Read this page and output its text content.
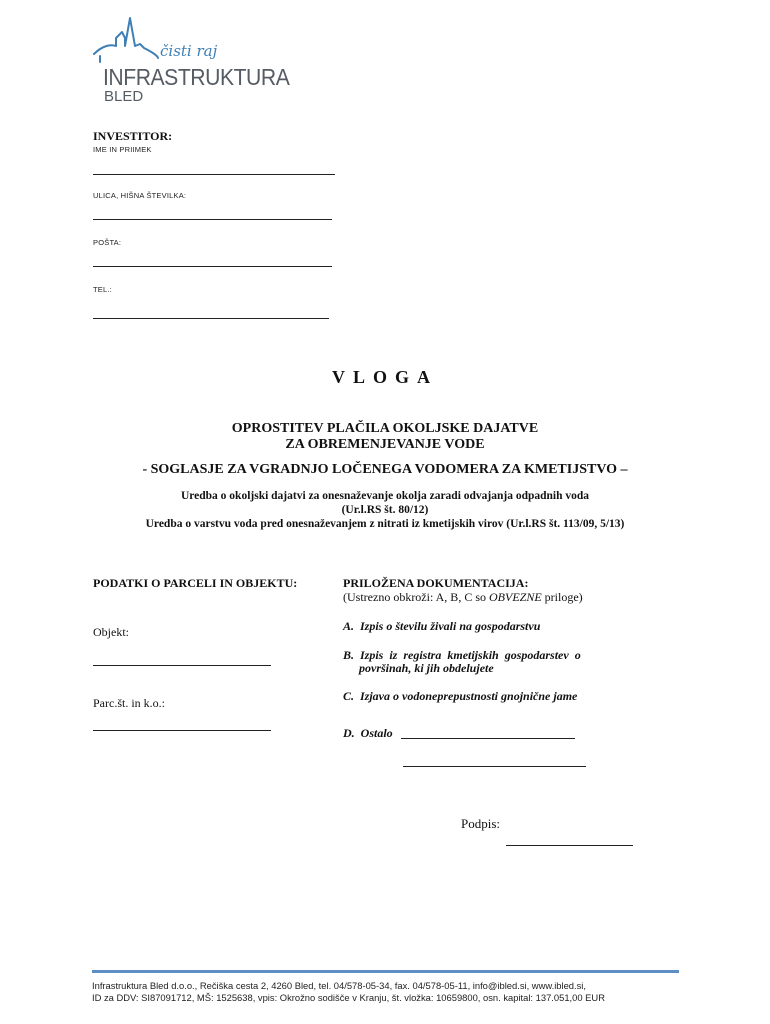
čisti raj
INFRASTRUKTURA
BLED
INVESTITOR:
IME IN PRIIMEK
ULICA, HIŠNA ŠTEVILKA:
POŠTA:
TEL.:
VLOGA
OPROSTITEV PLAČILA OKOLJSKE DAJATVE
ZA OBREMENJEVANJE VODE
- SOGLASJE ZA VGRADNJO LOČENEGA VODOMERA ZA KMETIJSTVO –
Uredba o okoljski dajatvi za onesnaževanje okolja zaradi odvajanja odpadnih voda
(Ur.l.RS št. 80/12)
Uredba o varstvu voda pred onesnaževanjem z nitrati iz kmetijskih virov (Ur.l.RS št. 113/09, 5/13)
PODATKI O PARCELI IN OBJEKTU:
Objekt:
Parc.št. in k.o.:
PRILOŽENA DOKUMENTACIJA:
(Ustrezno obkroži: A, B, C so OBVEZNE priloge)
A.  Izpis o številu živali na gospodarstvu
B.  Izpis  iz  registra  kmetijskih  gospodarstev  o
površinah, ki jih obdelujete
C.  Izjava o vodoneprepustnosti gnojnične jame
D.  Ostalo
Podpis:
Infrastruktura Bled d.o.o., Rečiška cesta 2, 4260 Bled, tel. 04/578-05-34, fax. 04/578-05-11, info@ibled.si, www.ibled.si,
ID za DDV: SI87091712, MŠ: 1525638, vpis: Okrožno sodišče v Kranju, št. vložka: 10659800, osn. kapital: 137.051,00 EUR
